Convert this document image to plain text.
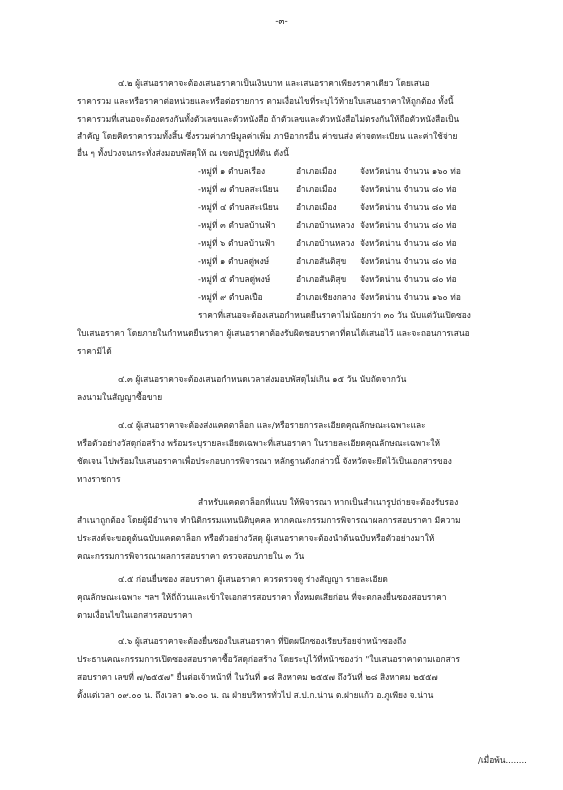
-๓-
๔.๒ ผู้เสนอราคาจะต้องเสนอราคาเป็นเงินบาท และเสนอราคาเพียงราคาเดียว โดยเสนอ
ราคารวม และหรือราคาต่อหน่วยและหรือต่อรายการ ตามเงื่อนไขที่ระบุไว้ท้ายใบเสนอราคาให้ถูกต้อง ทั้งนี้
ราคารวมที่เสนอจะต้องตรงกันทั้งตัวเลขและตัวหนังสือ ถ้าตัวเลขและตัวหนังสือไม่ตรงกันให้ถือตัวหนังสือเป็น
สำคัญ โดยคิดราคารวมทั้งสิ้น ซึ่งรวมค่าภาษีมูลค่าเพิ่ม ภาษีอากรอื่น ค่าขนส่ง ค่าจดทะเบียน และค่าใช้จ่าย
อื่น ๆ ทั้งปวงจนกระทั่งส่งมอบพัสดุให้ ณ เขตปฏิรูปที่ดิน ดังนี้
-หมู่ที่ ๑ ตำบลเรือง	อำเภอเมือง	จังหวัดน่าน จำนวน ๑๖๐ ท่อ
-หมู่ที่ ๗ ตำบลสะเนียน อำเภอเมือง	จังหวัดน่าน จำนวน ๘๐ ท่อ
-หมู่ที่ ๔ ตำบลสะเนียน อำเภอเมือง	จังหวัดน่าน จำนวน ๘๐ ท่อ
-หมู่ที่ ๓ ตำบลบ้านฟ้า อำเภอบ้านหลวง จังหวัดน่าน จำนวน ๘๐ ท่อ
-หมู่ที่ ๖ ตำบลบ้านฟ้า	อำเภอบ้านหลวง จังหวัดน่าน จำนวน ๘๐ ท่อ
-หมู่ที่ ๑ ตำบลดู่พงษ์	อำเภอสันติสุข จังหวัดน่าน จำนวน ๘๐ ท่อ
-หมู่ที่ ๕ ตำบลดู่พงษ์	อำเภอสันติสุข จังหวัดน่าน จำนวน ๘๐ ท่อ
-หมู่ที่ ๙ ตำบลเปือ	อำเภอเชียงกลาง จังหวัดน่าน จำนวน ๑๖๐ ท่อ
ราคาที่เสนอจะต้องเสนอกำหนดยืนราคาไม่น้อยกว่า ๓๐ วัน นับแต่วันเปิดซอง
ใบเสนอราคา โดยภายในกำหนดยืนราคา ผู้เสนอราคาต้องรับผิดชอบราคาที่ตนได้เสนอไว้ และจะถอนการเสนอ
ราคามิได้
๔.๓ ผู้เสนอราคาจะต้องเสนอกำหนดเวลาส่งมอบพัสดุไม่เกิน ๑๕ วัน นับถัดจากวัน
ลงนามในสัญญาซื้อขาย
๔.๔ ผู้เสนอราคาจะต้องส่งแคตตาล็อก และ/หรือรายการละเอียดคุณลักษณะเฉพาะและ
หรือตัวอย่างวัสดุก่อสร้าง พร้อมระบุรายละเอียดเฉพาะที่เสนอราคา ในรายละเอียดคุณลักษณะเฉพาะให้
ชัดเจน ไปพร้อมใบเสนอราคาเพื่อประกอบการพิจารณา หลักฐานดังกล่าวนี้ จังหวัดจะยึดไว้เป็นเอกสารของ
ทางราชการ
สำหรับแคตตาล็อกที่แนบ ให้พิจารณา หากเป็นสำเนารูปถ่ายจะต้องรับรอง
สำเนาถูกต้อง โดยผู้มีอำนาจ ทำนิติกรรมแทนนิติบุคคล หากคณะกรรมการพิจารณาผลการสอบราคา มีความ
ประสงค์จะขอดูต้นฉบับแคตตาล็อก หรือตัวอย่างวัสดุ ผู้เสนอราคาจะต้องนำต้นฉบับหรือตัวอย่างมาให้
คณะกรรมการพิจารณาผลการสอบราคา ตรวจสอบภายใน ๓ วัน
๔.๕ ก่อนยื่นซอง สอบราคา ผู้เสนอราคา ควรตรวจดู ร่างสัญญา รายละเอียด
คุณลักษณะเฉพาะ ฯลฯ ให้ถี่ถ้วนและเข้าใจเอกสารสอบราคา ทั้งหมดเสียก่อน ที่จะตกลงยื่นซองสอบราคา
ตามเงื่อนไขในเอกสารสอบราคา
๔.๖ ผู้เสนอราคาจะต้องยื่นซองใบเสนอราคา ที่ปิดผนึกซองเรียบร้อยจ่าหน้าซองถึง
ประธานคณะกรรมการเปิดซองสอบราคาซื้อวัสดุก่อสร้าง โดยระบุไว้ที่หน้าซองว่า "ใบเสนอราคาตามเอกสาร
สอบราคา เลขที่ ๗/๒๕๕๗" ยื่นต่อเจ้าหน้าที่ ในวันที่ ๑๘ สิงหาคม ๒๕๕๗ ถึงวันที่ ๒๘ สิงหาคม ๒๕๕๗
ตั้งแต่เวลา ๐๙.๐๐ น. ถึงเวลา ๑๖.๐๐ น. ณ ฝ่ายบริหารทั่วไป ส.ป.ก.น่าน ต.ฝายแก้ว อ.ภูเพียง จ.น่าน
/เมื่อพ้น........
